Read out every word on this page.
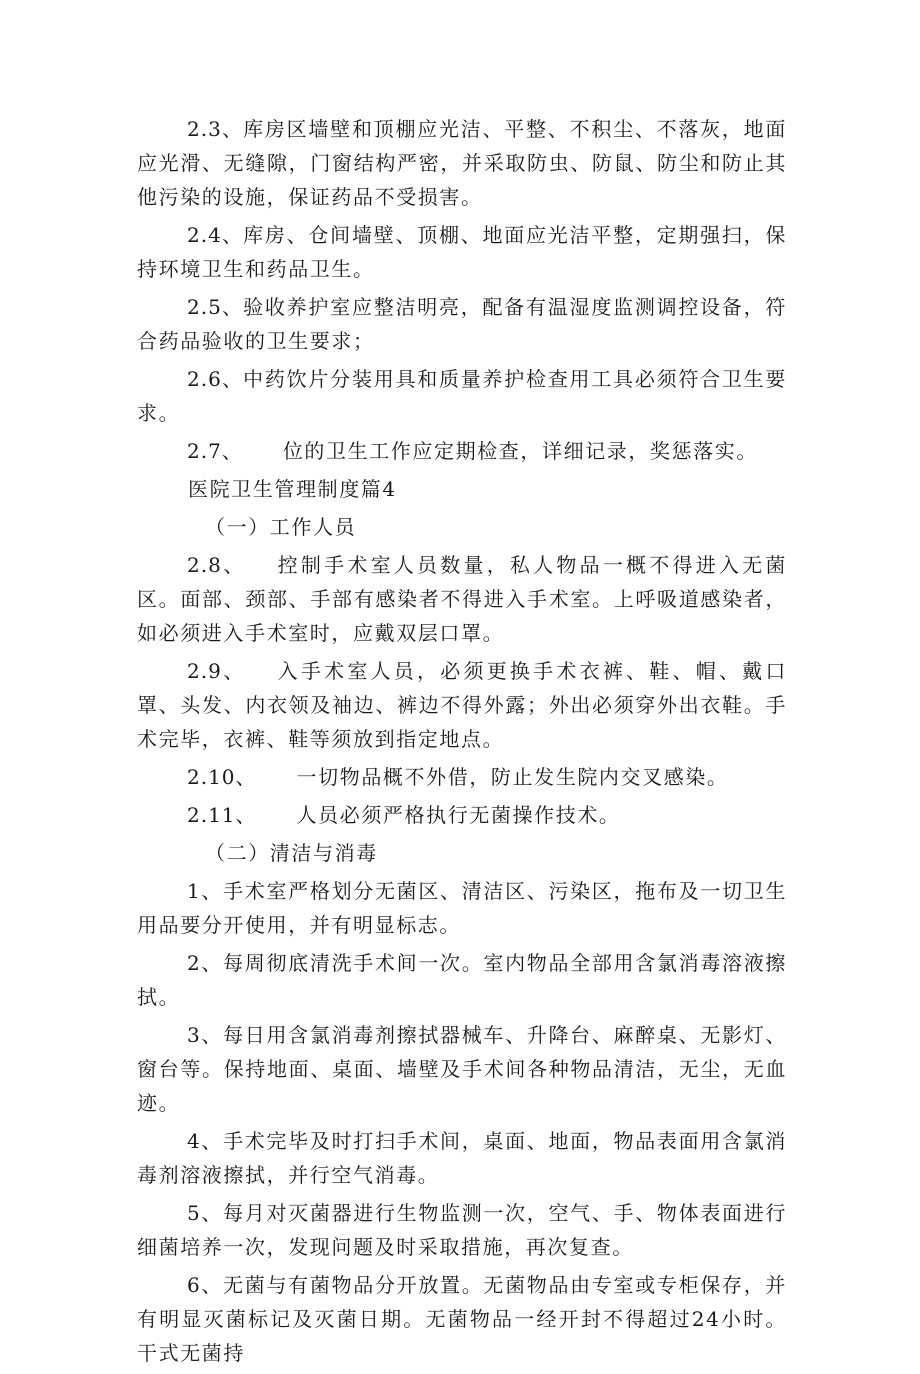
2.3、库房区墙壁和顶棚应光洁、平整、不积尘、不落灰，地面应光滑、无缝隙，门窗结构严密，并采取防虫、防鼠、防尘和防止其他污染的设施，保证药品不受损害。

2.4、库房、仓间墙壁、顶棚、地面应光洁平整，定期强扫，保持环境卫生和药品卫生。

2.5、验收养护室应整洁明亮，配备有温湿度监测调控设备，符合药品验收的卫生要求；

2.6、中药饮片分装用具和质量养护检查用工具必须符合卫生要求。

2.7、 位的卫生工作应定期检查，详细记录，奖惩落实。

医院卫生管理制度篇4

（一）工作人员

2.8、 控制手术室人员数量，私人物品一概不得进入无菌区。面部、颈部、手部有感染者不得进入手术室。上呼吸道感染者，如必须进入手术室时，应戴双层口罩。

2.9、 入手术室人员，必须更换手术衣裤、鞋、帽、戴口罩、头发、内衣领及袖边、裤边不得外露；外出必须穿外出衣鞋。手术完毕，衣裤、鞋等须放到指定地点。

2.10、 一切物品概不外借，防止发生院内交叉感染。

2.11、 人员必须严格执行无菌操作技术。

（二）清洁与消毒

1、手术室严格划分无菌区、清洁区、污染区，拖布及一切卫生用品要分开使用，并有明显标志。

2、每周彻底清洗手术间一次。室内物品全部用含氯消毒溶液擦拭。

3、每日用含氯消毒剂擦拭器械车、升降台、麻醉桌、无影灯、窗台等。保持地面、桌面、墙壁及手术间各种物品清洁，无尘，无血迹。

4、手术完毕及时打扫手术间，桌面、地面，物品表面用含氯消毒剂溶液擦拭，并行空气消毒。

5、每月对灭菌器进行生物监测一次，空气、手、物体表面进行细菌培养一次，发现问题及时采取措施，再次复查。

6、无菌与有菌物品分开放置。无菌物品由专室或专柜保存，并有明显灭菌标记及灭菌日期。无菌物品一经开封不得超过24小时。干式无菌持
